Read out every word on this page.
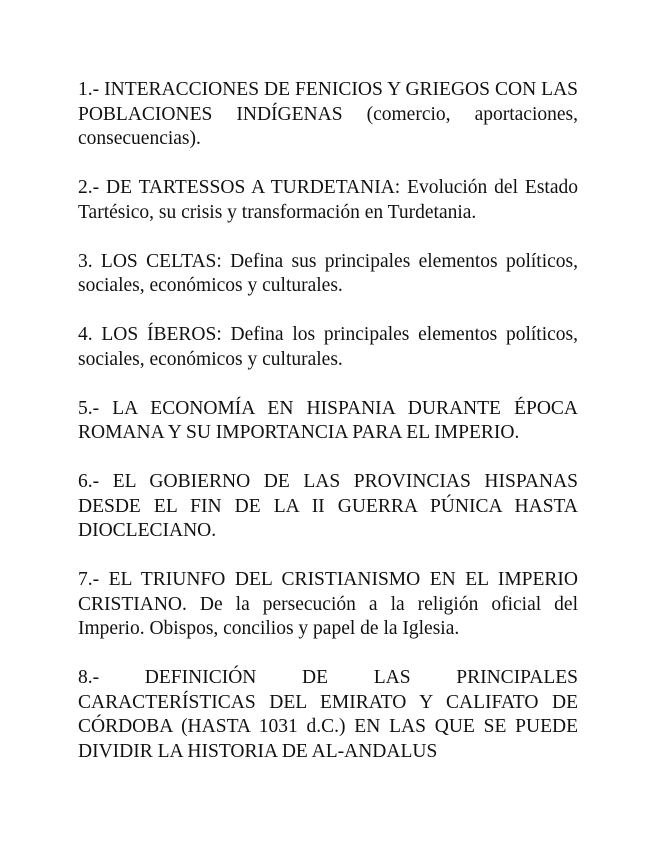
1.- INTERACCIONES DE FENICIOS Y GRIEGOS CON LAS POBLACIONES INDÍGENAS (comercio, aportaciones, consecuencias).

2.- DE TARTESSOS A TURDETANIA: Evolución del Estado Tartésico, su crisis y transformación en Turdetania.

3. LOS CELTAS: Defina sus principales elementos políticos, sociales, económicos y culturales.

4. LOS ÍBEROS: Defina los principales elementos políticos, sociales, económicos y culturales.

5.- LA ECONOMÍA EN HISPANIA DURANTE ÉPOCA ROMANA Y SU IMPORTANCIA PARA EL IMPERIO.

6.- EL GOBIERNO DE LAS PROVINCIAS HISPANAS DESDE EL FIN DE LA II GUERRA PÚNICA HASTA DIOCLECIANO.

7.- EL TRIUNFO DEL CRISTIANISMO EN EL IMPERIO CRISTIANO. De la persecución a la religión oficial del Imperio. Obispos, concilios y papel de la Iglesia.

8.- DEFINICIÓN DE LAS PRINCIPALES CARACTERÍSTICAS DEL EMIRATO Y CALIFATO DE CÓRDOBA (HASTA 1031 d.C.) EN LAS QUE SE PUEDE DIVIDIR LA HISTORIA DE AL-ANDALUS
